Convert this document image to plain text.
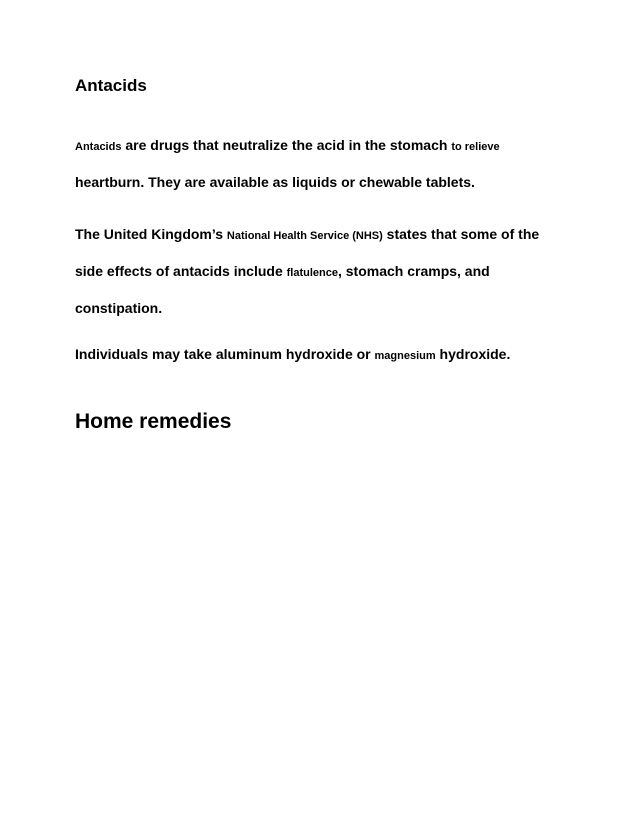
Antacids

Antacids are drugs that neutralize the acid in the stomach to relieve
heartburn. They are available as liquids or chewable tablets.

The United Kingdom’s National Health Service (NHS) states that some of the
side effects of antacids include flatulence, stomach cramps, and
constipation.

Individuals may take aluminum hydroxide or magnesium hydroxide.

Home remedies
